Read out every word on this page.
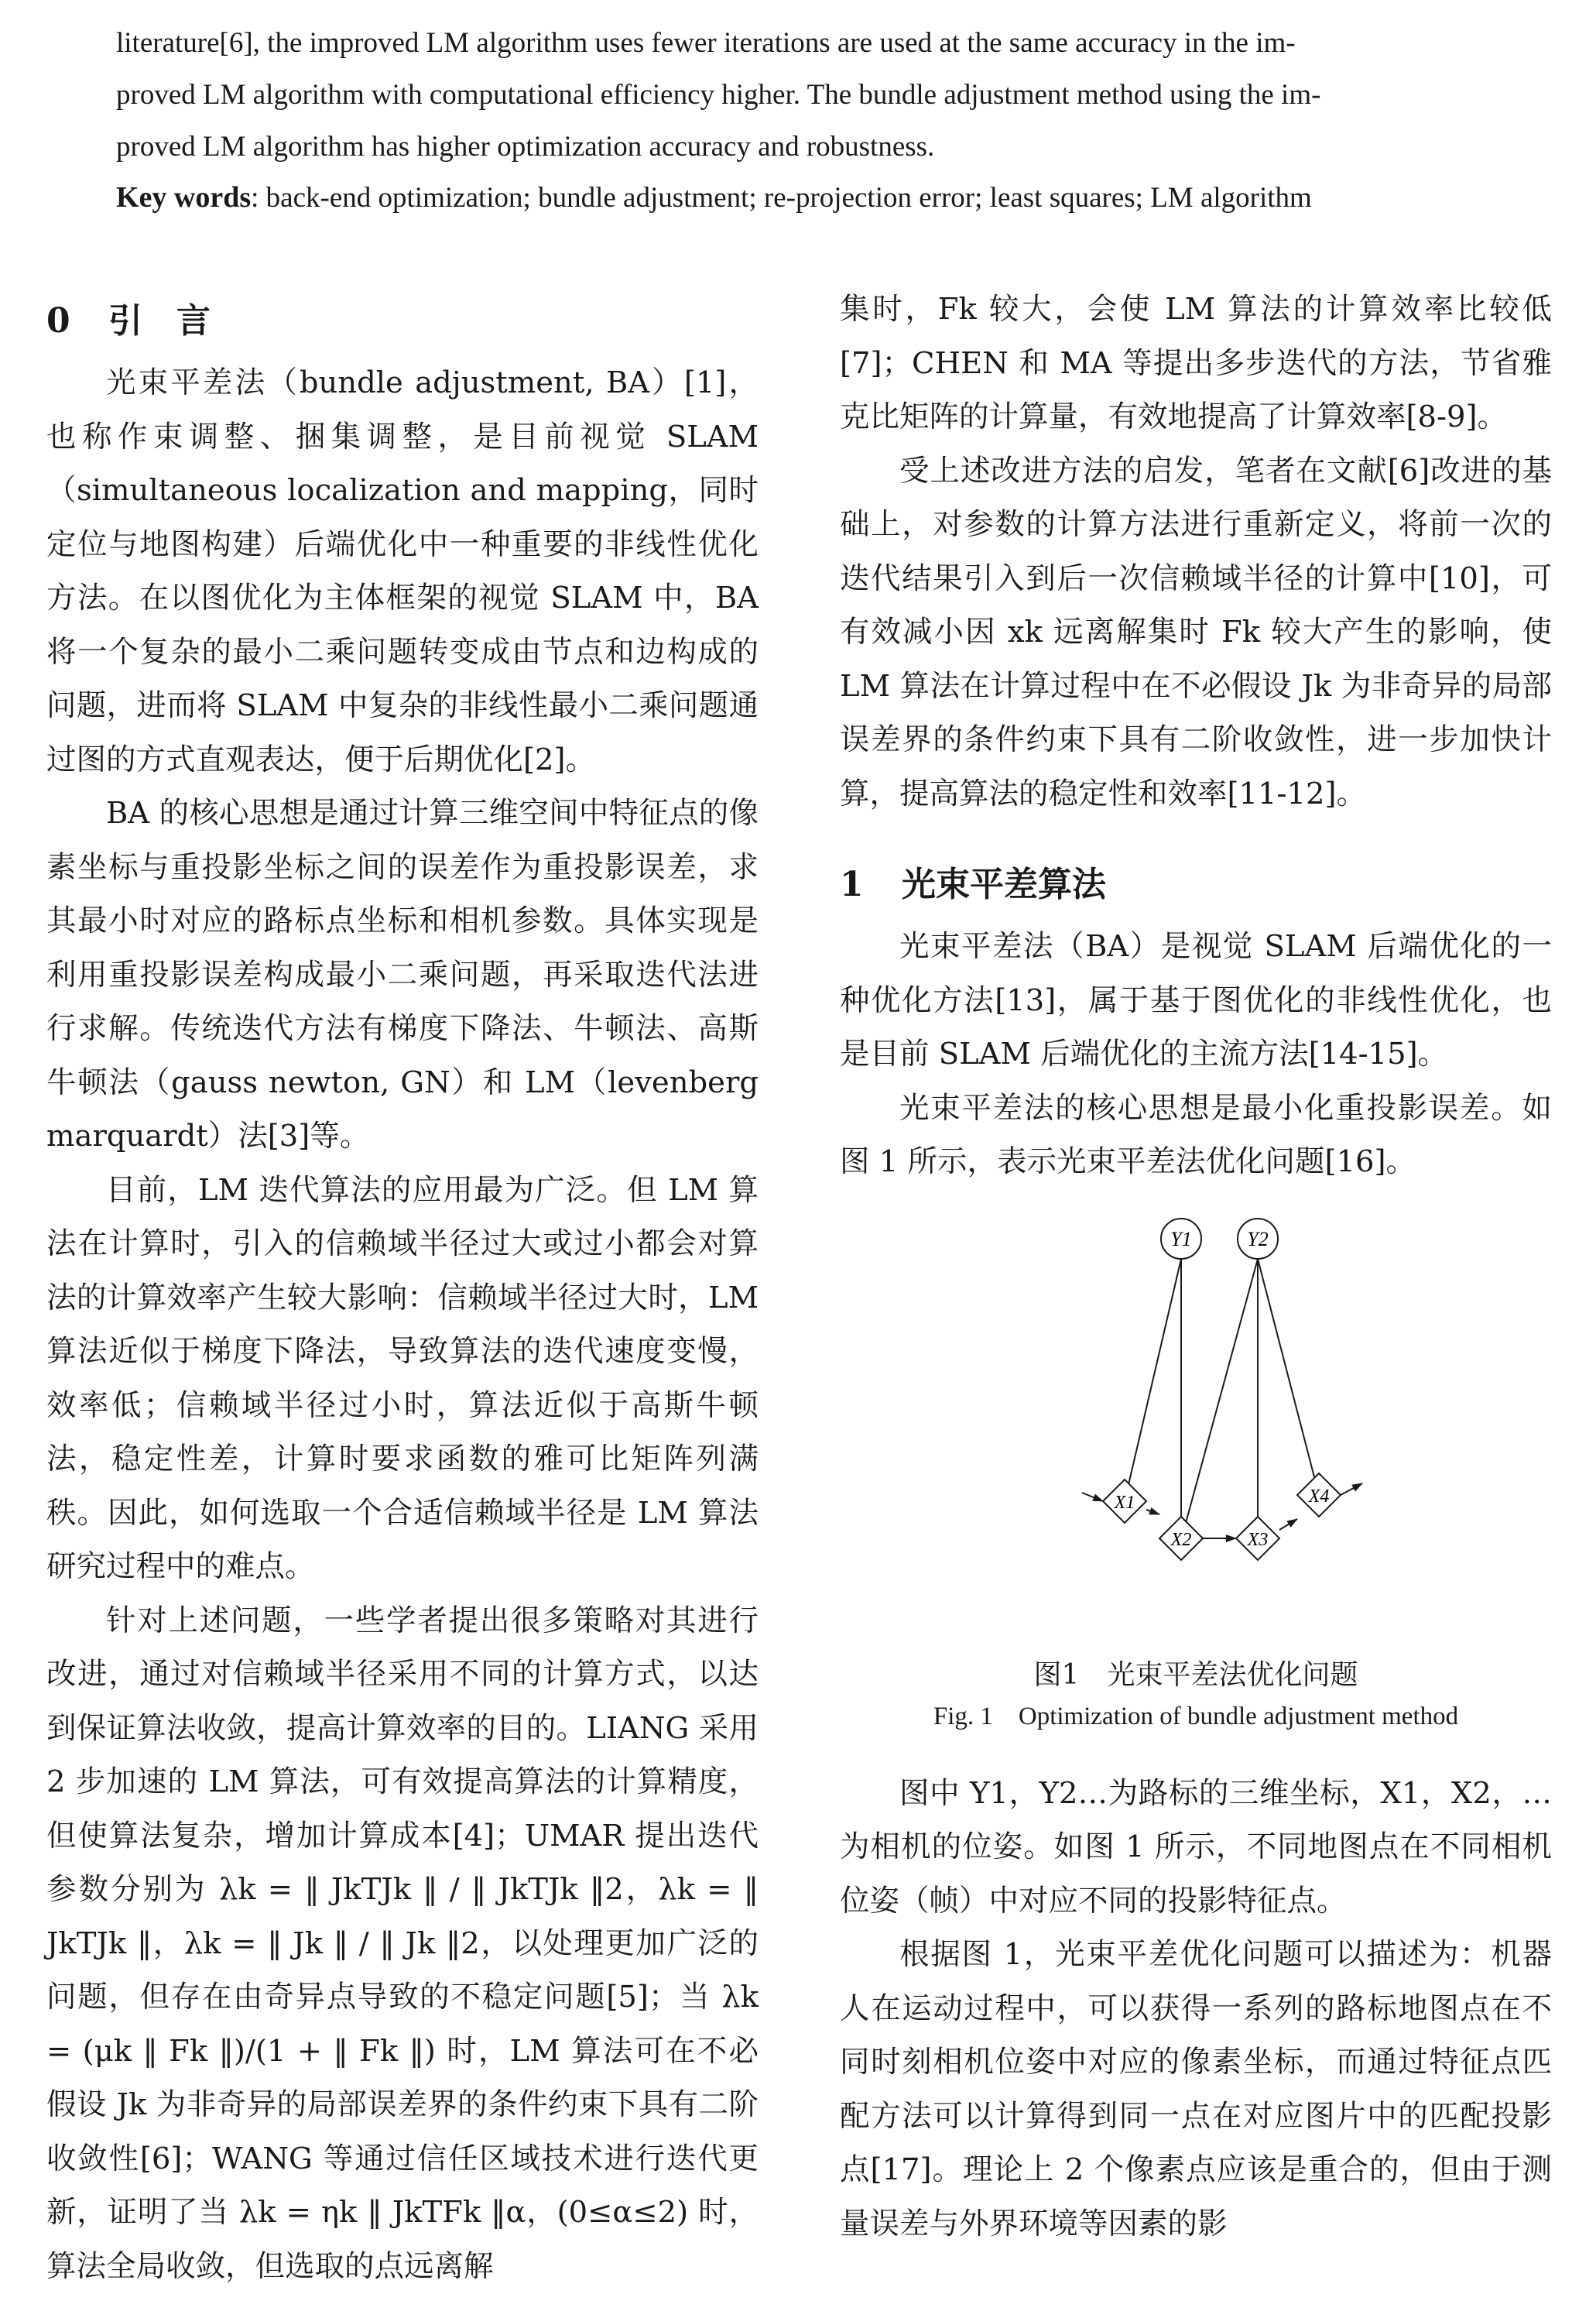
literature[6], the improved LM algorithm uses fewer iterations are used at the same accuracy in the im-

proved LM algorithm with computational efficiency higher. The bundle adjustment method using the im-

proved LM algorithm has higher optimization accuracy and robustness.

Key words: back-end optimization; bundle adjustment; re-projection error; least squares; LM algorithm
0 引　言

光束平差法（bundle adjustment, BA）[1]，也称作束调整、捆集调整，是目前视觉 SLAM（simultaneous localization and mapping，同时定位与地图构建）后端优化中一种重要的非线性优化方法。在以图优化为主体框架的视觉 SLAM 中，BA 将一个复杂的最小二乘问题转变成由节点和边构成的问题，进而将 SLAM 中复杂的非线性最小二乘问题通过图的方式直观表达，便于后期优化[2]。

BA 的核心思想是通过计算三维空间中特征点的像素坐标与重投影坐标之间的误差作为重投影误差，求其最小时对应的路标点坐标和相机参数。具体实现是利用重投影误差构成最小二乘问题，再采取迭代法进行求解。传统迭代方法有梯度下降法、牛顿法、高斯牛顿法（gauss newton, GN）和 LM（levenberg marquardt）法[3]等。

目前，LM 迭代算法的应用最为广泛。但 LM 算法在计算时，引入的信赖域半径过大或过小都会对算法的计算效率产生较大影响：信赖域半径过大时，LM 算法近似于梯度下降法，导致算法的迭代速度变慢，效率低；信赖域半径过小时，算法近似于高斯牛顿法，稳定性差，计算时要求函数的雅可比矩阵列满秩。因此，如何选取一个合适信赖域半径是 LM 算法研究过程中的难点。

针对上述问题，一些学者提出很多策略对其进行改进，通过对信赖域半径采用不同的计算方式，以达到保证算法收敛，提高计算效率的目的。LIANG 采用 2 步加速的 LM 算法，可有效提高算法的计算精度，但使算法复杂，增加计算成本[4]；UMAR 提出迭代参数分别为 λk = ‖ JkTJk ‖ / ‖ JkTJk ‖2，λk = ‖ JkTJk ‖，λk = ‖ Jk ‖ / ‖ Jk ‖2，以处理更加广泛的问题，但存在由奇异点导致的不稳定问题[5]；当 λk = (μk ‖ Fk ‖)/(1 + ‖ Fk ‖) 时，LM 算法可在不必假设 Jk 为非奇异的局部误差界的条件约束下具有二阶收敛性[6]；WANG 等通过信任区域技术进行迭代更新，证明了当 λk = ηk ‖ JkTFk ‖α，(0≤α≤2) 时，算法全局收敛，但选取的点远离解

集时，Fk 较大，会使 LM 算法的计算效率比较低[7]；CHEN 和 MA 等提出多步迭代的方法，节省雅克比矩阵的计算量，有效地提高了计算效率[8-9]。

受上述改进方法的启发，笔者在文献[6]改进的基础上，对参数的计算方法进行重新定义，将前一次的迭代结果引入到后一次信赖域半径的计算中[10]，可有效减小因 xk 远离解集时 Fk 较大产生的影响，使 LM 算法在计算过程中在不必假设 Jk 为非奇异的局部误差界的条件约束下具有二阶收敛性，进一步加快计算，提高算法的稳定性和效率[11-12]。

1 光束平差算法

光束平差法（BA）是视觉 SLAM 后端优化的一种优化方法[13]，属于基于图优化的非线性优化，也是目前 SLAM 后端优化的主流方法[14-15]。

光束平差法的核心思想是最小化重投影误差。如图 1 所示，表示光束平差法优化问题[16]。

Y1	Y2
X1
X2	X3
X4

图1　光束平差法优化问题

Fig. 1　Optimization of bundle adjustment method

图中 Y1，Y2…为路标的三维坐标，X1，X2，…为相机的位姿。如图 1 所示，不同地图点在不同相机位姿（帧）中对应不同的投影特征点。

根据图 1，光束平差优化问题可以描述为：机器人在运动过程中，可以获得一系列的路标地图点在不同时刻相机位姿中对应的像素坐标，而通过特征点匹配方法可以计算得到同一点在对应图片中的匹配投影点[17]。理论上 2 个像素点应该是重合的，但由于测量误差与外界环境等因素的影
